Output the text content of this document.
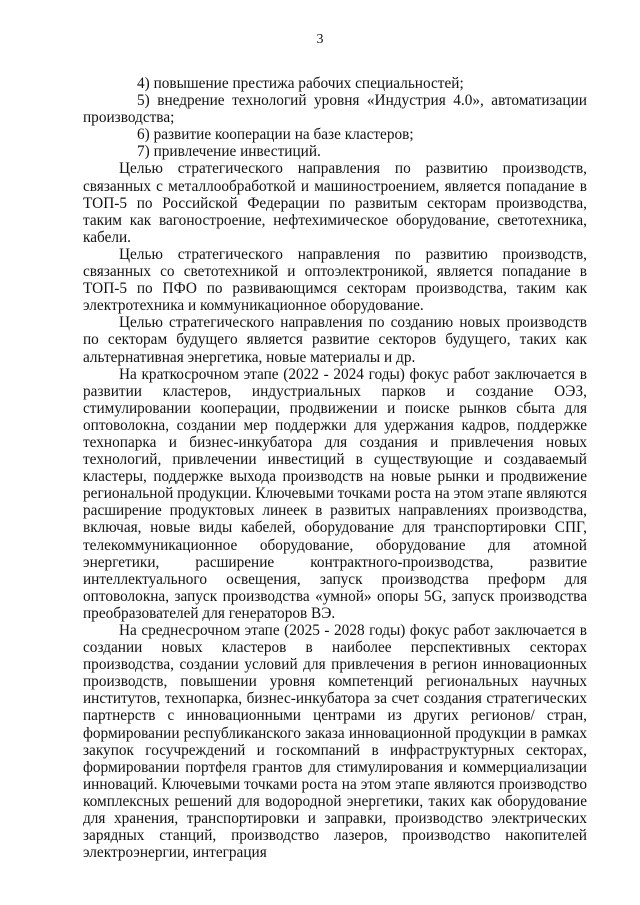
3

4) повышение престижа рабочих специальностей;

5) внедрение технологий уровня «Индустрия 4.0», автоматизации производства;

6) развитие кооперации на базе кластеров;

7) привлечение инвестиций.

Целью стратегического направления по развитию производств, связанных с металлообработкой и машиностроением, является попадание в ТОП-5 по Российской Федерации по развитым секторам производства, таким как вагоностроение, нефтехимическое оборудование, светотехника, кабели.

Целью стратегического направления по развитию производств, связанных со светотехникой и оптоэлектроникой, является попадание в ТОП-5 по ПФО по развивающимся секторам производства, таким как электротехника и коммуникационное оборудование.

Целью стратегического направления по созданию новых производств по секторам будущего является развитие секторов будущего, таких как альтернативная энергетика, новые материалы и др.

На краткосрочном этапе (2022 - 2024 годы) фокус работ заключается в развитии кластеров, индустриальных парков и создание ОЭЗ, стимулировании кооперации, продвижении и поиске рынков сбыта для оптоволокна, создании мер поддержки для удержания кадров, поддержке технопарка и бизнес-инкубатора для создания и привлечения новых технологий, привлечении инвестиций в существующие и создаваемый кластеры, поддержке выхода производств на новые рынки и продвижение региональной продукции. Ключевыми точками роста на этом этапе являются расширение продуктовых линеек в развитых направлениях производства, включая, новые виды кабелей, оборудование для транспортировки СПГ, телекоммуникационное оборудование, оборудование для атомной энергетики, расширение контрактного-производства, развитие интеллектуального освещения, запуск производства преформ для оптоволокна, запуск производства «умной» опоры 5G, запуск производства преобразователей для генераторов ВЭ.

На среднесрочном этапе (2025 - 2028 годы) фокус работ заключается в создании новых кластеров в наиболее перспективных секторах производства, создании условий для привлечения в регион инновационных производств, повышении уровня компетенций региональных научных институтов, технопарка, бизнес-инкубатора за счет создания стратегических партнерств с инновационными центрами из других регионов/ стран, формировании республиканского заказа инновационной продукции в рамках закупок госучреждений и госкомпаний в инфраструктурных секторах, формировании портфеля грантов для стимулирования и коммерциализации инноваций. Ключевыми точками роста на этом этапе являются производство комплексных решений для водородной энергетики, таких как оборудование для хранения, транспортировки и заправки, производство электрических зарядных станций, производство лазеров, производство накопителей электроэнергии, интеграция
